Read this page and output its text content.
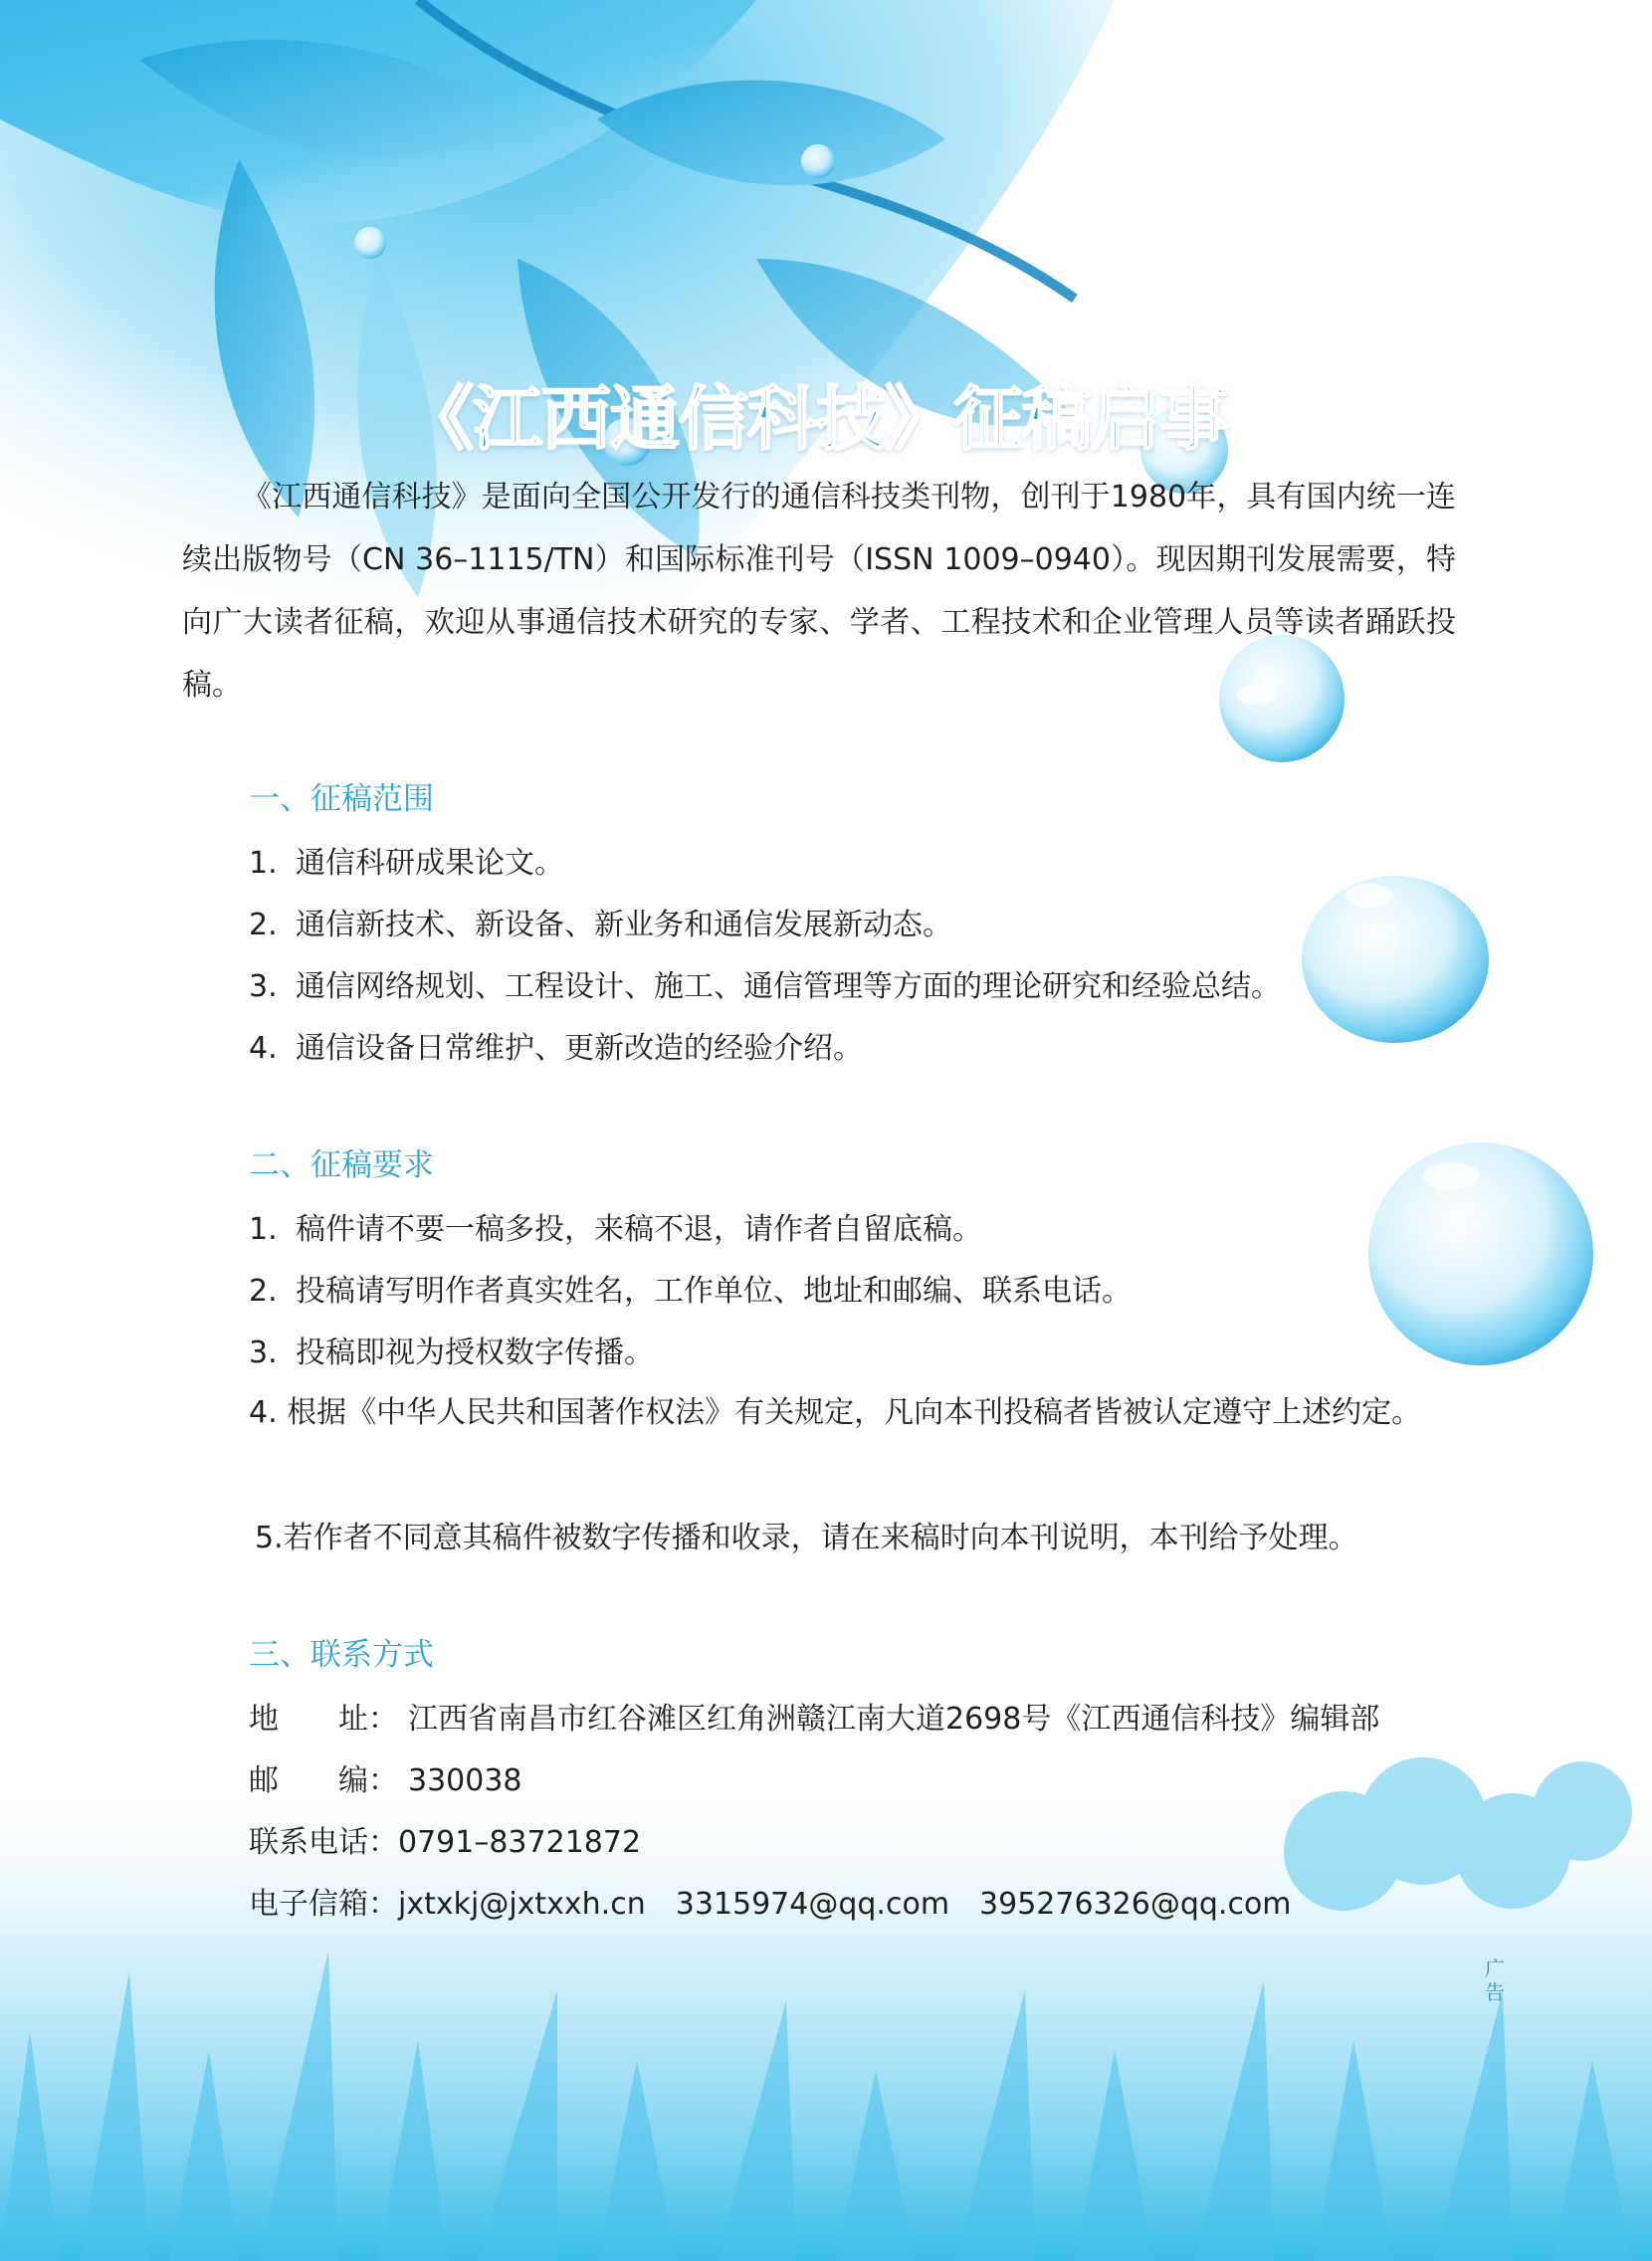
《江西通信科技》征稿启事

《江西通信科技》是面向全国公开发行的通信科技类刊物，创刊于1980年，具有国内统一连续出版物号（CN 36–1115/TN）和国际标准刊号（ISSN 1009–0940）。现因期刊发展需要，特向广大读者征稿，欢迎从事通信技术研究的专家、学者、工程技术和企业管理人员等读者踊跃投稿。

一、征稿范围
1. 通信科研成果论文。
2. 通信新技术、新设备、新业务和通信发展新动态。
3. 通信网络规划、工程设计、施工、通信管理等方面的理论研究和经验总结。
4. 通信设备日常维护、更新改造的经验介绍。
二、征稿要求
1. 稿件请不要一稿多投，来稿不退，请作者自留底稿。
2. 投稿请写明作者真实姓名，工作单位、地址和邮编、联系电话。
3. 投稿即视为授权数字传播。
4. 根据《中华人民共和国著作权法》有关规定，凡向本刊投稿者皆被认定遵守上述约定。
5.若作者不同意其稿件被数字传播和收录，请在来稿时向本刊说明，本刊给予处理。
三、联系方式
地　　址： 江西省南昌市红谷滩区红角洲赣江南大道2698号《江西通信科技》编辑部
邮　　编： 330038
联系电话：0791–83721872
电子信箱：jxtxkj@jxtxxh.cn 3315974@qq.com 395276326@qq.com
广告
